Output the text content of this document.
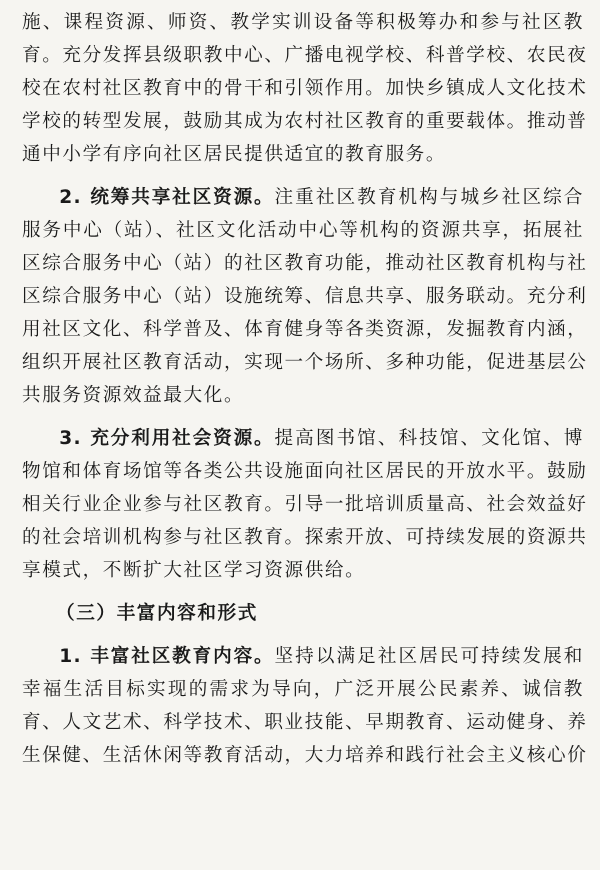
施、课程资源、师资、教学实训设备等积极筹办和参与社区教
育。充分发挥县级职教中心、广播电视学校、科普学校、农民夜
校在农村社区教育中的骨干和引领作用。加快乡镇成人文化技术
学校的转型发展，鼓励其成为农村社区教育的重要载体。推动普
通中小学有序向社区居民提供适宜的教育服务。
2. 统筹共享社区资源。注重社区教育机构与城乡社区综合
服务中心（站）、社区文化活动中心等机构的资源共享，拓展社
区综合服务中心（站）的社区教育功能，推动社区教育机构与社
区综合服务中心（站）设施统筹、信息共享、服务联动。充分利
用社区文化、科学普及、体育健身等各类资源，发掘教育内涵，
组织开展社区教育活动，实现一个场所、多种功能，促进基层公
共服务资源效益最大化。
3. 充分利用社会资源。提高图书馆、科技馆、文化馆、博
物馆和体育场馆等各类公共设施面向社区居民的开放水平。鼓励
相关行业企业参与社区教育。引导一批培训质量高、社会效益好
的社会培训机构参与社区教育。探索开放、可持续发展的资源共
享模式，不断扩大社区学习资源供给。
（三）丰富内容和形式
1. 丰富社区教育内容。坚持以满足社区居民可持续发展和
幸福生活目标实现的需求为导向，广泛开展公民素养、诚信教
育、人文艺术、科学技术、职业技能、早期教育、运动健身、养
生保健、生活休闲等教育活动，大力培养和践行社会主义核心价
